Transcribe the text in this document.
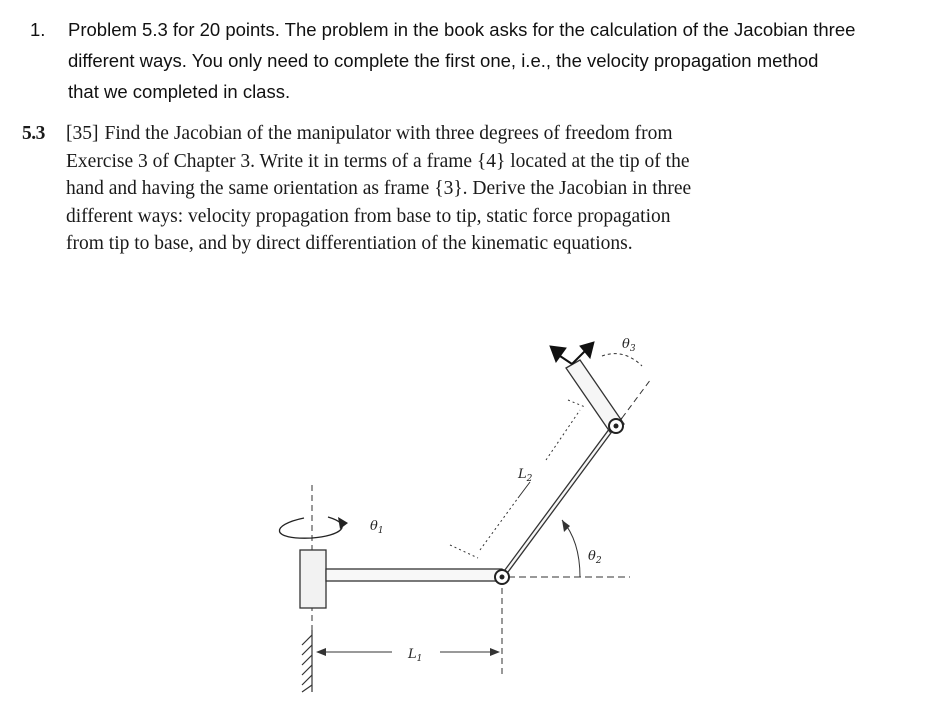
1. Problem 5.3 for 20 points. The problem in the book asks for the calculation of the Jacobian three
different ways. You only need to complete the first one, i.e., the velocity propagation method
that we completed in class.
5.3 [35] Find the Jacobian of the manipulator with three degrees of freedom from
Exercise 3 of Chapter 3. Write it in terms of a frame {4} located at the tip of the
hand and having the same orientation as frame {3}. Derive the Jacobian in three
different ways: velocity propagation from base to tip, static force propagation
from tip to base, and by direct differentiation of the kinematic equations.
$\theta_1$
$\theta_2$
$\theta_3$
$L_1$
$L_2$
